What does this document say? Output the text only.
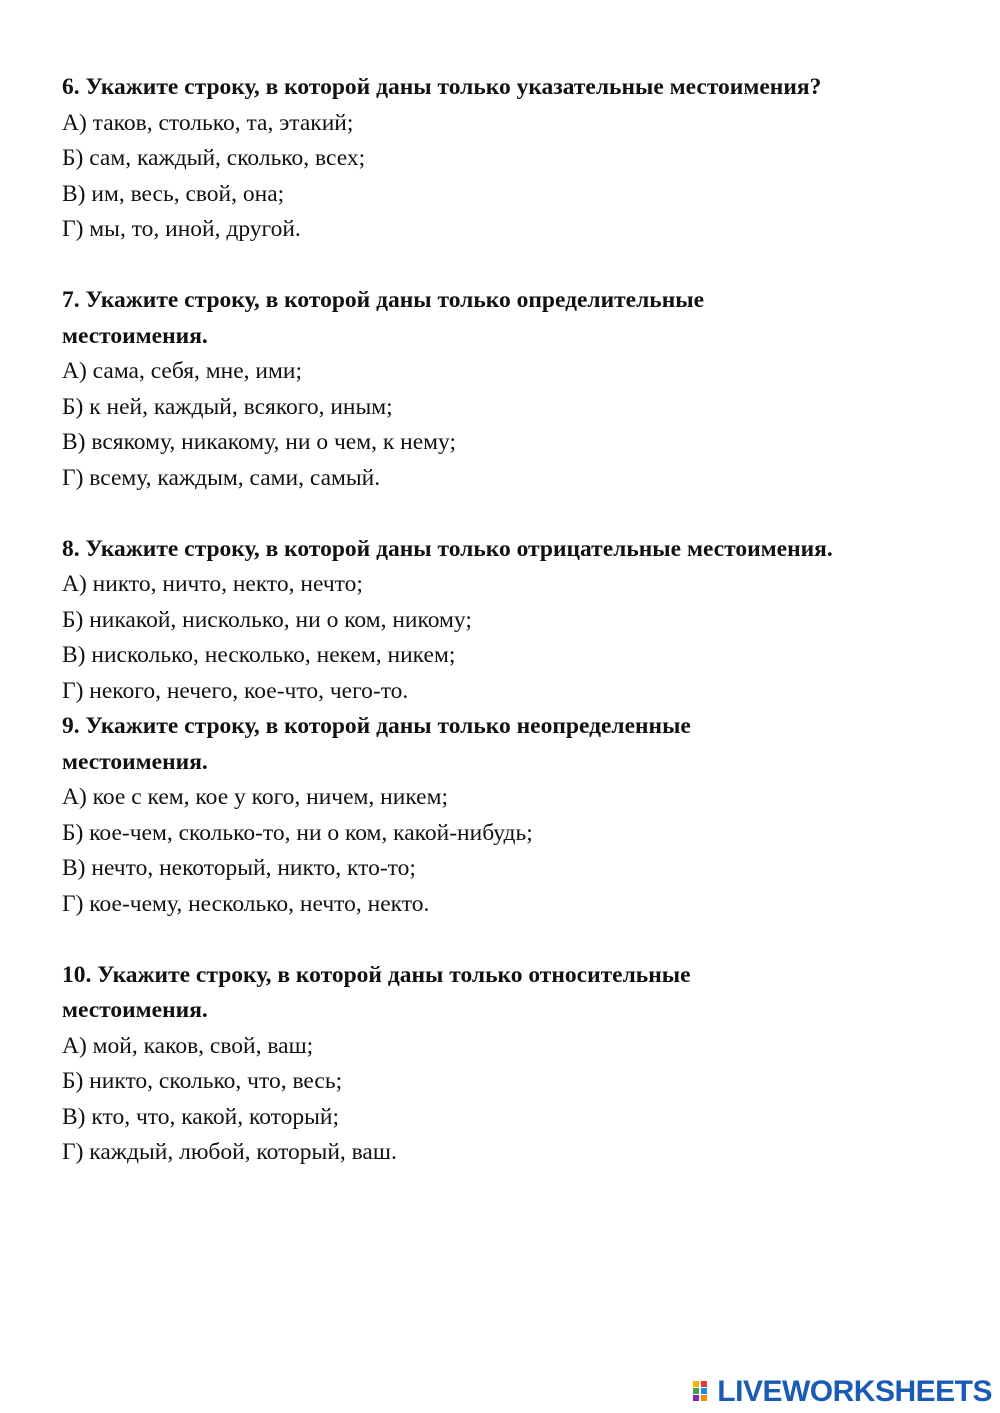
6. Укажите строку, в которой даны только указательные местоимения?

А) таков, столько, та, этакий;

Б) сам, каждый, сколько, всех;

В) им, весь, свой, она;

Г) мы, то, иной, другой.

7. Укажите строку, в которой даны только определительные

местоимения.

А) сама, себя, мне, ими;

Б) к ней, каждый, всякого, иным;

В) всякому, никакому, ни о чем, к нему;

Г) всему, каждым, сами, самый.

8. Укажите строку, в которой даны только отрицательные местоимения.

А) никто, ничто, некто, нечто;

Б) никакой, нисколько, ни о ком, никому;

В) нисколько, несколько, некем, никем;

Г) некого, нечего, кое-что, чего-то.

9. Укажите строку, в которой даны только неопределенные

местоимения.

А) кое с кем, кое у кого, ничем, никем;

Б) кое-чем, сколько-то, ни о ком, какой-нибудь;

В) нечто, некоторый, никто, кто-то;

Г) кое-чему, несколько, нечто, некто.

10. Укажите строку, в которой даны только относительные

местоимения.

А) мой, каков, свой, ваш;

Б) никто, сколько, что, весь;

В) кто, что, какой, который;

Г) каждый, любой, который, ваш.

LIVEWORKSHEETS
